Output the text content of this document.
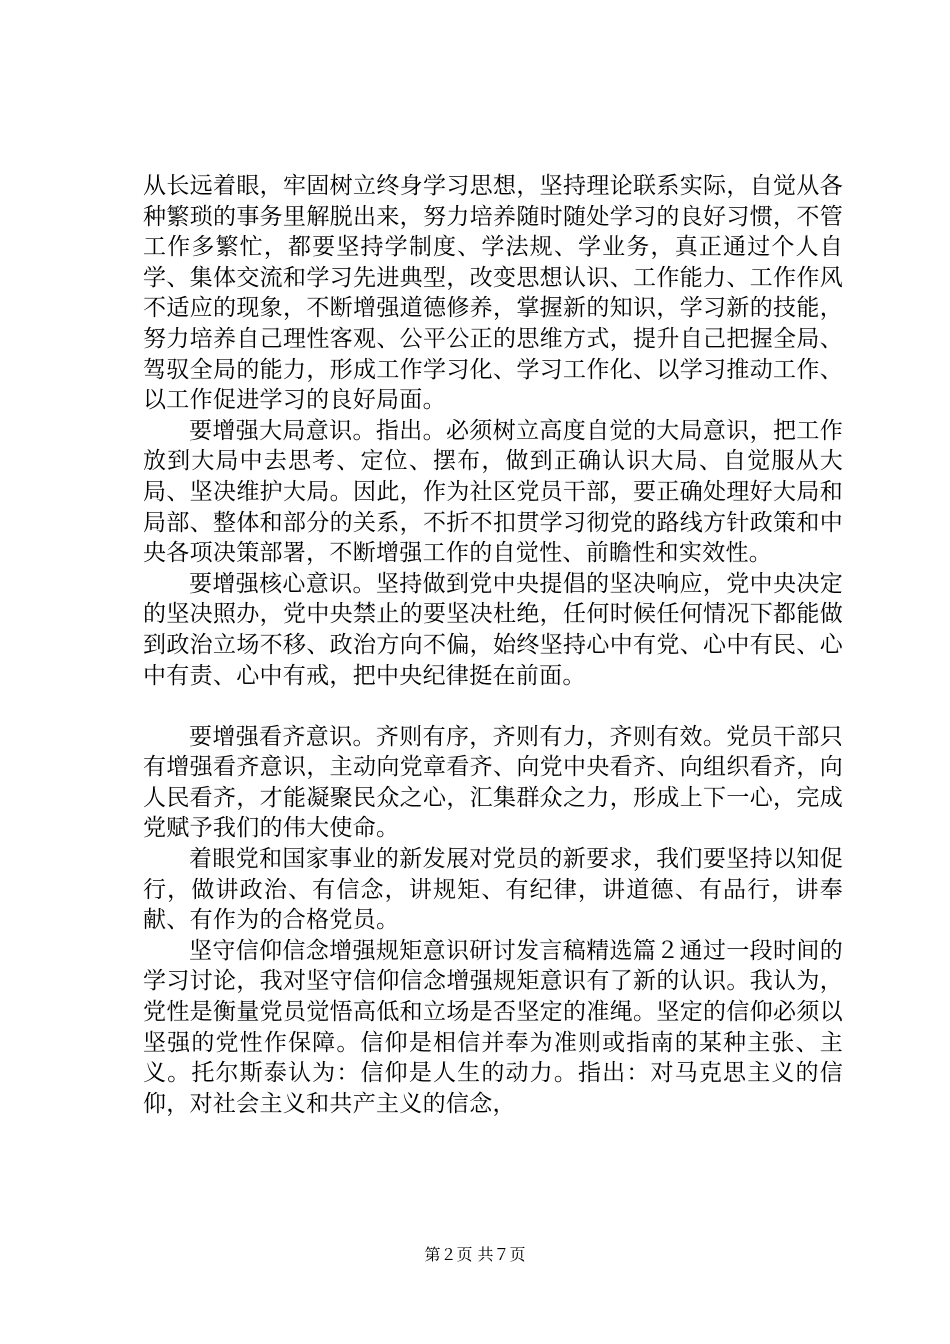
从长远着眼，牢固树立终身学习思想，坚持理论联系实际，自觉从各种繁琐的事务里解脱出来，努力培养随时随处学习的良好习惯，不管工作多繁忙，都要坚持学制度、学法规、学业务，真正通过个人自学、集体交流和学习先进典型，改变思想认识、工作能力、工作作风不适应的现象，不断增强道德修养，掌握新的知识，学习新的技能，努力培养自己理性客观、公平公正的思维方式，提升自己把握全局、驾驭全局的能力，形成工作学习化、学习工作化、以学习推动工作、以工作促进学习的良好局面。

要增强大局意识。指出。必须树立高度自觉的大局意识，把工作放到大局中去思考、定位、摆布，做到正确认识大局、自觉服从大局、坚决维护大局。因此，作为社区党员干部，要正确处理好大局和局部、整体和部分的关系，不折不扣贯学习彻党的路线方针政策和中央各项决策部署，不断增强工作的自觉性、前瞻性和实效性。

要增强核心意识。坚持做到党中央提倡的坚决响应，党中央决定的坚决照办，党中央禁止的要坚决杜绝，任何时候任何情况下都能做到政治立场不移、政治方向不偏，始终坚持心中有党、心中有民、心中有责、心中有戒，把中央纪律挺在前面。

要增强看齐意识。齐则有序，齐则有力，齐则有效。党员干部只有增强看齐意识，主动向党章看齐、向党中央看齐、向组织看齐，向人民看齐，才能凝聚民众之心，汇集群众之力，形成上下一心，完成党赋予我们的伟大使命。

着眼党和国家事业的新发展对党员的新要求，我们要坚持以知促行，做讲政治、有信念，讲规矩、有纪律，讲道德、有品行，讲奉献、有作为的合格党员。

坚守信仰信念增强规矩意识研讨发言稿精选篇２通过一段时间的学习讨论，我对坚守信仰信念增强规矩意识有了新的认识。我认为，党性是衡量党员觉悟高低和立场是否坚定的准绳。坚定的信仰必须以坚强的党性作保障。信仰是相信并奉为准则或指南的某种主张、主义。托尔斯泰认为：信仰是人生的动力。指出：对马克思主义的信仰，对社会主义和共产主义的信念，

第２页 共７页
